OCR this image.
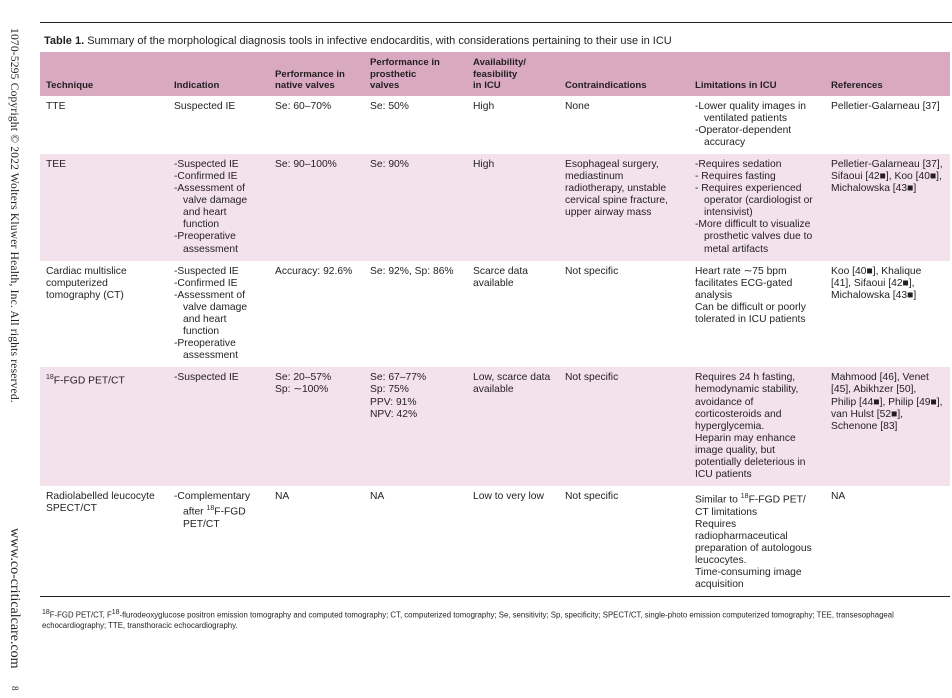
1070-5295 Copyright © 2022 Wolters Kluwer Health, Inc. All rights reserved.
www.co-criticalcare.com
8

Table 1. Summary of the morphological diagnosis tools in infective endocarditis, with considerations pertaining to their use in ICU

Technique	Indication	Performance in
native valves	Performance in
prosthetic
valves	Availability/
feasibility
in ICU	Contraindications	Limitations in ICU	References

TTE	Suspected IE	Se: 60–70%	Se: 50%	High	None	-Lower quality images in ventilated patients
-Operator-dependent accuracy	Pelletier-Galarneau [37]

TEE	-Suspected IE
-Confirmed IE
-Assessment of valve damage and heart function
-Preoperative assessment	Se: 90–100%	Se: 90%	High	Esophageal surgery, mediastinum radiotherapy, unstable cervical spine fracture, upper airway mass	-Requires sedation
- Requires fasting
- Requires experienced operator (cardiologist or intensivist)
-More difficult to visualize prosthetic valves due to metal artifacts	Pelletier-Galarneau [37], Sifaoui [42■], Koo [40■], Michalowska [43■]

Cardiac multislice computerized tomography (CT)	-Suspected IE
-Confirmed IE
-Assessment of valve damage and heart function
-Preoperative assessment	Accuracy: 92.6%	Se: 92%, Sp: 86%	Scarce data available	Not specific	Heart rate ∼75 bpm facilitates ECG-gated analysis
Can be difficult or poorly tolerated in ICU patients	Koo [40■], Khalique [41], Sifaoui [42■], Michalowska [43■]

$^{18}$F-FGD PET/CT	-Suspected IE	Se: 20–57%
Sp: ∼100%	Se: 67–77%
Sp: 75%
PPV: 91%
NPV: 42%	Low, scarce data available	Not specific	Requires 24 h fasting, hemodynamic stability, avoidance of corticosteroids and hyperglycemia.
Heparin may enhance image quality, but potentially deleterious in ICU patients	Mahmood [46], Venet [45], Abikhzer [50], Philip [44■], Philip [49■], van Hulst [52■], Schenone [83]

Radiolabelled leucocyte SPECT/CT	-Complementary after $^{18}$F-FGD PET/CT	NA	NA	Low to very low	Not specific	Similar to $^{18}$F-FGD PET/ CT limitations
Requires radiopharmaceutical preparation of autologous leucocytes.
Time-consuming image acquisition	NA

$^{18}$F-FGD PET/CT, $F^{18}$-flurodeoxyglucose positron emission tomography and computed tomography; CT, computerized tomography; Se, sensitivity; Sp, specificity; SPECT/CT, single-photo emission computerized tomography; TEE, transesophageal echocardiography; TTE, transthoracic echocardiography.
